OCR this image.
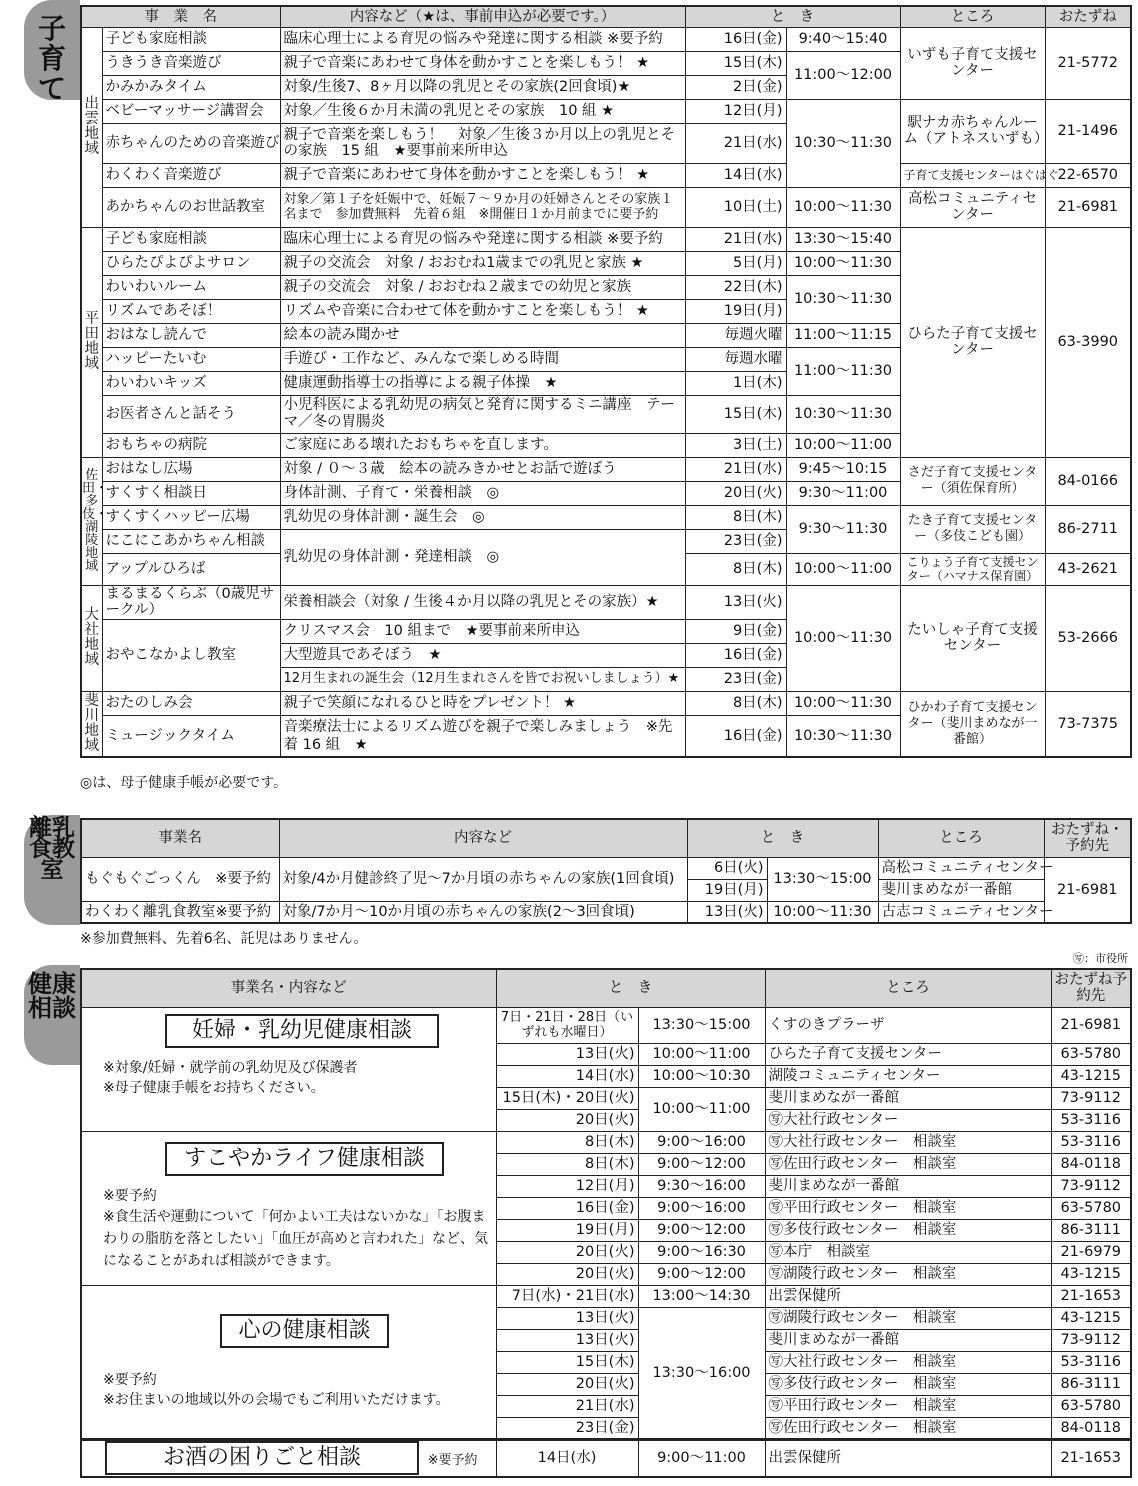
子育て
離乳食教室
健康相談
事　業　名		内容など（★は、事前申込が必要です。）	と　き		ところ	おたずね
出雲地域	子ども家庭相談	臨床心理士による育児の悩みや発達に関する相談 ※要予約	16日(金)	9:40～15:40	いずも子育て支援センター	21-5772
	うきうき音楽遊び	親子で音楽にあわせて身体を動かすことを楽しもう！ ★	15日(木)	11:00～12:00		
	かみかみタイム	対象/生後7、8ヶ月以降の乳児とその家族(2回食頃)★	2日(金)			
	ベビーマッサージ講習会	対象／生後６か月未満の乳児とその家族　10 組 ★	12日(月)	10:30～11:30	駅ナカ赤ちゃんルーム（アトネスいずも）	21-1496
	赤ちゃんのための音楽遊び	親子で音楽を楽しもう！　対象／生後３か月以上の乳児とその家族　15 組　★要事前来所申込	21日(水)			
	わくわく音楽遊び	親子で音楽にあわせて身体を動かすことを楽しもう！ ★	14日(水)		子育て支援センターはぐはぐ	22-6570
	あかちゃんのお世話教室	対象／第１子を妊娠中で、妊娠７～９か月の妊婦さんとその家族１名まで　参加費無料　先着６組　※開催日１か月前までに要予約	10日(土)	10:00～11:30	高松コミュニティセンター	21-6981
平田地域	子ども家庭相談	臨床心理士による育児の悩みや発達に関する相談 ※要予約	21日(水)	13:30～15:40	ひらた子育て支援センター	63-3990
	ひらたぴよぴよサロン	親子の交流会　対象 / おおむね1歳までの乳児と家族 ★	5日(月)	10:00～11:30		
	わいわいルーム	親子の交流会　対象 / おおむね２歳までの幼児と家族	22日(木)	10:30～11:30		
	リズムであそぼ！	リズムや音楽に合わせて体を動かすことを楽しもう！ ★	19日(月)			
	おはなし読んで	絵本の読み聞かせ	毎週火曜	11:00～11:15		
	ハッピーたいむ	手遊び・工作など、みんなで楽しめる時間	毎週水曜	11:00～11:30		
	わいわいキッズ	健康運動指導士の指導による親子体操　★	1日(木)			
	お医者さんと話そう	小児科医による乳幼児の病気と発育に関するミニ講座　テーマ／冬の胃腸炎	15日(木)	10:30～11:30		
	おもちゃの病院	ご家庭にある壊れたおもちゃを直します。	3日(土)	10:00～11:00		
佐田・多伎・湖陵地域	おはなし広場	対象 / ０～３歳　絵本の読みきかせとお話で遊ぼう	21日(水)	9:45～10:15	さだ子育て支援センター（須佐保育所）	84-0166
	すくすく相談日	身体計測、子育て・栄養相談　◎	20日(火)	9:30～11:00		
	すくすくハッピー広場	乳幼児の身体計測・誕生会　◎	8日(木)	9:30～11:30	たき子育て支援センター（多伎こども園）	86-2711
	にこにこあかちゃん相談	乳幼児の身体計測・発達相談　◎	23日(金)			
	アップルひろば		8日(木)	10:00～11:00	こりょう子育て支援センター（ハマナス保育園）	43-2621
大社地域	まるまるくらぶ（0歳児サークル）	栄養相談会（対象 / 生後４か月以降の乳児とその家族）★	13日(火)	10:00～11:30	たいしゃ子育て支援センター	53-2666
	おやこなかよし教室	クリスマス会　10 組まで　★要事前来所申込	9日(金)			
		大型遊具であそぼう　★	16日(金)			
		12月生まれの誕生会（12月生まれさんを皆でお祝いしましょう）★	23日(金)			
斐川地域	おたのしみ会	親子で笑顔になれるひと時をプレゼント！ ★	8日(木)	10:00～11:30	ひかわ子育て支援センター（斐川まめなが一番館）	73-7375
	ミュージックタイム	音楽療法士によるリズム遊びを親子で楽しみましょう　※先着 16 組　★	16日(金)	10:30～11:30		
◎は、母子健康手帳が必要です。
事業名	内容など	と　き		ところ	おたずね・予約先
もぐもぐごっくん　※要予約	対象/4か月健診終了児～7か月頃の赤ちゃんの家族(1回食頃)	6日(火)	13:30～15:00	高松コミュニティセンター	21-6981
		19日(月)		斐川まめなが一番館	
わくわく離乳食教室※要予約	対象/7か月～10か月頃の赤ちゃんの家族(2～3回食頃)	13日(火)	10:00～11:30	古志コミュニティセンター	
※参加費無料、先着6名、託児はありません。
㊢：市役所
事業名・内容など	と　き		ところ	おたずね予約先

妊婦・乳幼児健康相談
※対象/妊婦・就学前の乳幼児及び保護者
※母子健康手帳をお持ちください。	7日・21日・28日（いずれも水曜日）	13:30～15:00	くすのきプラーザ	21-6981
	13日(火)	10:00～11:00	ひらた子育て支援センター	63-5780
	14日(水)	10:00～10:30	湖陵コミュニティセンター	43-1215
	15日(木)・20日(火)	10:00～11:00	斐川まめなが一番館	73-9112
	20日(火)		㊢大社行政センター	53-3116

すこやかライフ健康相談
※要予約
※食生活や運動について「何かよい工夫はないかな」「お腹まわりの脂肪を落としたい」「血圧が高めと言われた」など、気になることがあれば相談ができます。	8日(木)	9:00～16:00	㊢大社行政センター　相談室	53-3116
	8日(木)	9:00～12:00	㊢佐田行政センター　相談室	84-0118
	12日(月)	9:30～16:00	斐川まめなが一番館	73-9112
	16日(金)	9:00～16:00	㊢平田行政センター　相談室	63-5780
	19日(月)	9:00～12:00	㊢多伎行政センター　相談室	86-3111
	20日(火)	9:00～16:30	㊢本庁　相談室	21-6979
	20日(火)	9:00～12:00	㊢湖陵行政センター　相談室	43-1215

心の健康相談
※要予約
※お住まいの地域以外の会場でもご利用いただけます。	7日(水)・21日(水)	13:00～14:30	出雲保健所	21-1653
	13日(火)	13:30～16:00	㊢湖陵行政センター　相談室	43-1215
	13日(火)		斐川まめなが一番館	73-9112
	15日(木)		㊢大社行政センター　相談室	53-3116
	20日(火)		㊢多伎行政センター　相談室	86-3111
	21日(水)		㊢平田行政センター　相談室	63-5780
	23日(金)		㊢佐田行政センター　相談室	84-0118
お酒の困りごと相談 ※要予約	14日(水)	9:00～11:00	出雲保健所	21-1653
